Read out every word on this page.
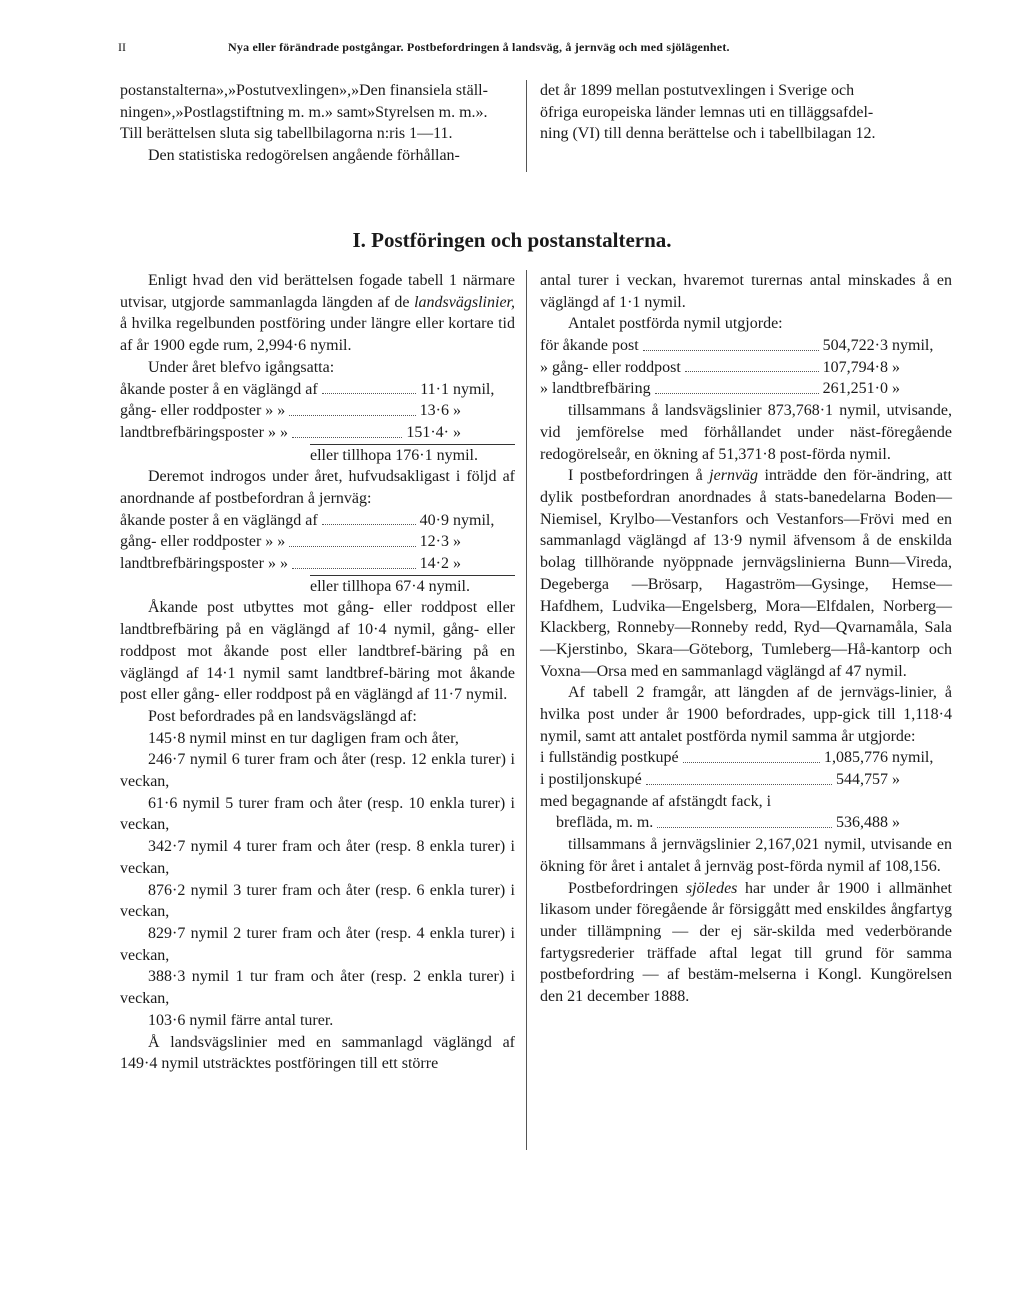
II	Nya eller förändrade postgångar. Postbefordringen å landsväg, å jernväg och med sjölägenhet.

postanstalterna»,»Postutvexlingen»,»Den finansiela ställ-

ningen»,»Postlagstiftning m. m.» samt»Styrelsen m. m.».

Till berättelsen sluta sig tabellbilagorna n:ris 1—11.

Den statistiska redogörelsen angående förhållan-

det år 1899 mellan postutvexlingen i Sverige och

öfriga europeiska länder lemnas uti en tilläggsafdel-

ning (VI) till denna berättelse och i tabellbilagan 12.

I. Postföringen och postanstalterna.

Enligt hvad den vid berättelsen fogade tabell 1 närmare utvisar, utgjorde sammanlagda längden af de landsvägslinier, å hvilka regelbunden postföring under längre eller kortare tid af år 1900 egde rum, 2,994·6 nymil.

Under året blefvo igångsatta:

åkande poster å en väglängd af	11·1 nymil,
gång- eller roddposter » »	13·6 »
landtbrefbäringsposter » »	151·4· »

eller tillhopa 176·1 nymil.

Deremot indrogos under året, hufvudsakligast i följd af anordnande af postbefordran å jernväg:

åkande poster å en väglängd af	40·9 nymil,
gång- eller roddposter » »	12·3 »
landtbrefbäringsposter » »	14·2 »

eller tillhopa 67·4 nymil.

Åkande post utbyttes mot gång- eller roddpost eller landtbrefbäring på en väglängd af 10·4 nymil, gång- eller roddpost mot åkande post eller landtbref-bäring på en väglängd af 14·1 nymil samt landtbref-bäring mot åkande post eller gång- eller roddpost på en väglängd af 11·7 nymil.

Post befordrades på en landsvägslängd af:

145·8 nymil minst en tur dagligen fram och åter,

246·7 nymil 6 turer fram och åter (resp. 12 enkla turer) i veckan,

61·6 nymil 5 turer fram och åter (resp. 10 enkla turer) i veckan,

342·7 nymil 4 turer fram och åter (resp. 8 enkla turer) i veckan,

876·2 nymil 3 turer fram och åter (resp. 6 enkla turer) i veckan,

829·7 nymil 2 turer fram och åter (resp. 4 enkla turer) i veckan,

388·3 nymil 1 tur fram och åter (resp. 2 enkla turer) i veckan,

103·6 nymil färre antal turer.

Å landsvägslinier med en sammanlagd väglängd af 149·4 nymil utsträcktes postföringen till ett större

antal turer i veckan, hvaremot turernas antal minskades å en väglängd af 1·1 nymil.

Antalet postförda nymil utgjorde:

för åkande post	504,722·3 nymil,
» gång- eller roddpost	107,794·8 »
» landtbrefbäring	261,251·0 »

tillsammans å landsvägslinier 873,768·1 nymil, utvisande, vid jemförelse med förhållandet under näst-föregående redogörelseår, en ökning af 51,371·8 post-förda nymil.

I postbefordringen å jernväg inträdde den för-ändring, att dylik postbefordran anordnades å stats-banedelarna Boden—Niemisel, Krylbo—Vestanfors och Vestanfors—Frövi med en sammanlagd väglängd af 13·9 nymil äfvensom å de enskilda bolag tillhörande nyöppnade jernvägslinierna Bunn—Vireda, Degeberga —Brösarp, Hagaström—Gysinge, Hemse—Hafdhem, Ludvika—Engelsberg, Mora—Elfdalen, Norberg—Klackberg, Ronneby—Ronneby redd, Ryd—Qvarnamåla, Sala—Kjerstinbo, Skara—Göteborg, Tumleberg—Hå-kantorp och Voxna—Orsa med en sammanlagd väglängd af 47 nymil.

Af tabell 2 framgår, att längden af de jernvägs-linier, å hvilka post under år 1900 befordrades, upp-gick till 1,118·4 nymil, samt att antalet postförda nymil samma år utgjorde:

i fullständig postkupé	1,085,776 nymil,
i postiljonskupé	544,757 »
med begagnande af afstängdt fack, i
brefläda, m. m.	536,488 »

tillsammans å jernvägslinier 2,167,021 nymil, utvisande en ökning för året i antalet å jernväg post-förda nymil af 108,156.

Postbefordringen sjöledes har under år 1900 i allmänhet likasom under föregående år försiggått med enskildes ångfartyg under tillämpning — der ej sär-skilda med vederbörande fartygsrederier träffade aftal legat till grund för samma postbefordring — af bestäm-melserna i Kongl. Kungörelsen den 21 december 1888.
